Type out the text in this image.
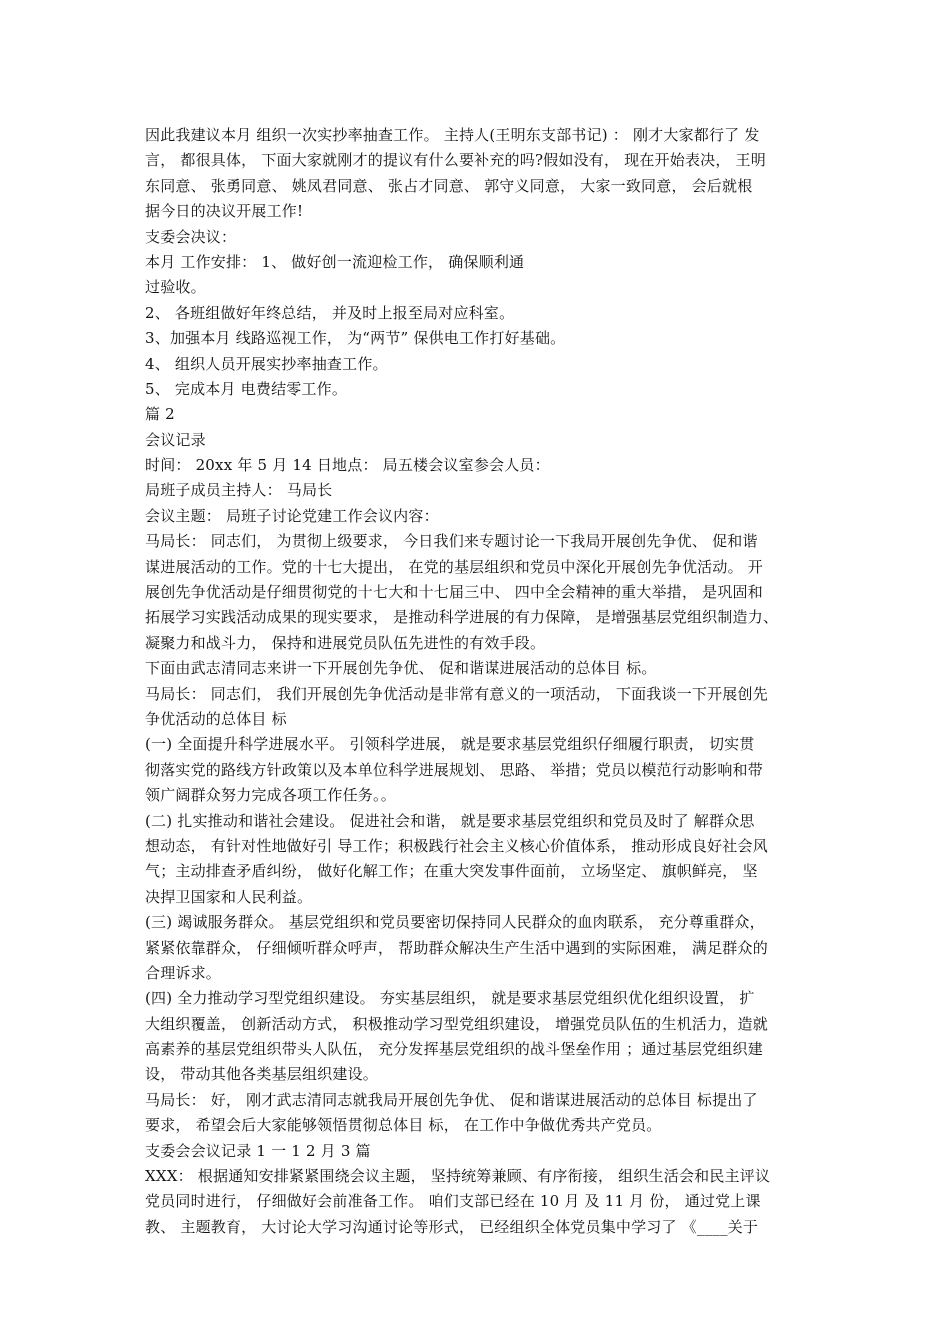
因此我建议本月 组织一次实抄率抽查工作。 主持人(王明东支部书记) ： 刚才大家都行了 发
言， 都很具体， 下面大家就刚才的提议有什么要补充的吗?假如没有， 现在开始表决， 王明
东同意、 张勇同意、 姚凤君同意、 张占才同意、 郭守义同意， 大家一致同意， 会后就根
据今日的决议开展工作!
支委会决议：
本月 工作安排： 1、 做好创一流迎检工作， 确保顺利通
过验收。
2、 各班组做好年终总结， 并及时上报至局对应科室。
3、加强本月 线路巡视工作， 为“两节” 保供电工作打好基础。
4、 组织人员开展实抄率抽查工作。
5、 完成本月 电费结零工作。
篇 2
会议记录
时间： 20xx 年 5 月 14 日地点： 局五楼会议室参会人员：
局班子成员主持人： 马局长
会议主题： 局班子讨论党建工作会议内容：
马局长： 同志们， 为贯彻上级要求， 今日我们来专题讨论一下我局开展创先争优、 促和谐
谋进展活动的工作。党的十七大提出， 在党的基层组织和党员中深化开展创先争优活动。 开
展创先争优活动是仔细贯彻党的十七大和十七届三中、 四中全会精神的重大举措， 是巩固和
拓展学习实践活动成果的现实要求， 是推动科学进展的有力保障， 是增强基层党组织制造力、
凝聚力和战斗力， 保持和进展党员队伍先进性的有效手段。
下面由武志清同志来讲一下开展创先争优、 促和谐谋进展活动的总体目 标。
马局长： 同志们， 我们开展创先争优活动是非常有意义的一项活动， 下面我谈一下开展创先
争优活动的总体目 标
(一) 全面提升科学进展水平。 引领科学进展， 就是要求基层党组织仔细履行职责， 切实贯
彻落实党的路线方针政策以及本单位科学进展规划、 思路、 举措；党员以模范行动影响和带
领广阔群众努力完成各项工作任务。。
(二) 扎实推动和谐社会建设。 促进社会和谐， 就是要求基层党组织和党员及时了 解群众思
想动态， 有针对性地做好引 导工作；积极践行社会主义核心价值体系， 推动形成良好社会风
气；主动排查矛盾纠纷， 做好化解工作；在重大突发事件面前， 立场坚定、 旗帜鲜亮， 坚
决捍卫国家和人民利益。
(三) 竭诚服务群众。 基层党组织和党员要密切保持同人民群众的血肉联系， 充分尊重群众，
紧紧依靠群众， 仔细倾听群众呼声， 帮助群众解决生产生活中遇到的实际困难， 满足群众的
合理诉求。
(四) 全力推动学习型党组织建设。 夯实基层组织， 就是要求基层党组织优化组织设置， 扩
大组织覆盖， 创新活动方式， 积极推动学习型党组织建设， 增强党员队伍的生机活力，造就
高素养的基层党组织带头人队伍， 充分发挥基层党组织的战斗堡垒作用 ；通过基层党组织建
设， 带动其他各类基层组织建设。
马局长： 好， 刚才武志清同志就我局开展创先争优、 促和谐谋进展活动的总体目 标提出了
要求， 希望会后大家能够领悟贯彻总体目 标， 在工作中争做优秀共产党员。
支委会会议记录 1 一 1 2 月 3 篇
XXX： 根据通知安排紧紧围绕会议主题， 坚持统筹兼顾、有序衔接， 组织生活会和民主评议
党员同时进行， 仔细做好会前准备工作。 咱们支部已经在 10 月 及 11 月 份， 通过党上课
教、 主题教育， 大讨论大学习沟通讨论等形式， 已经组织全体党员集中学习了 《____关于
